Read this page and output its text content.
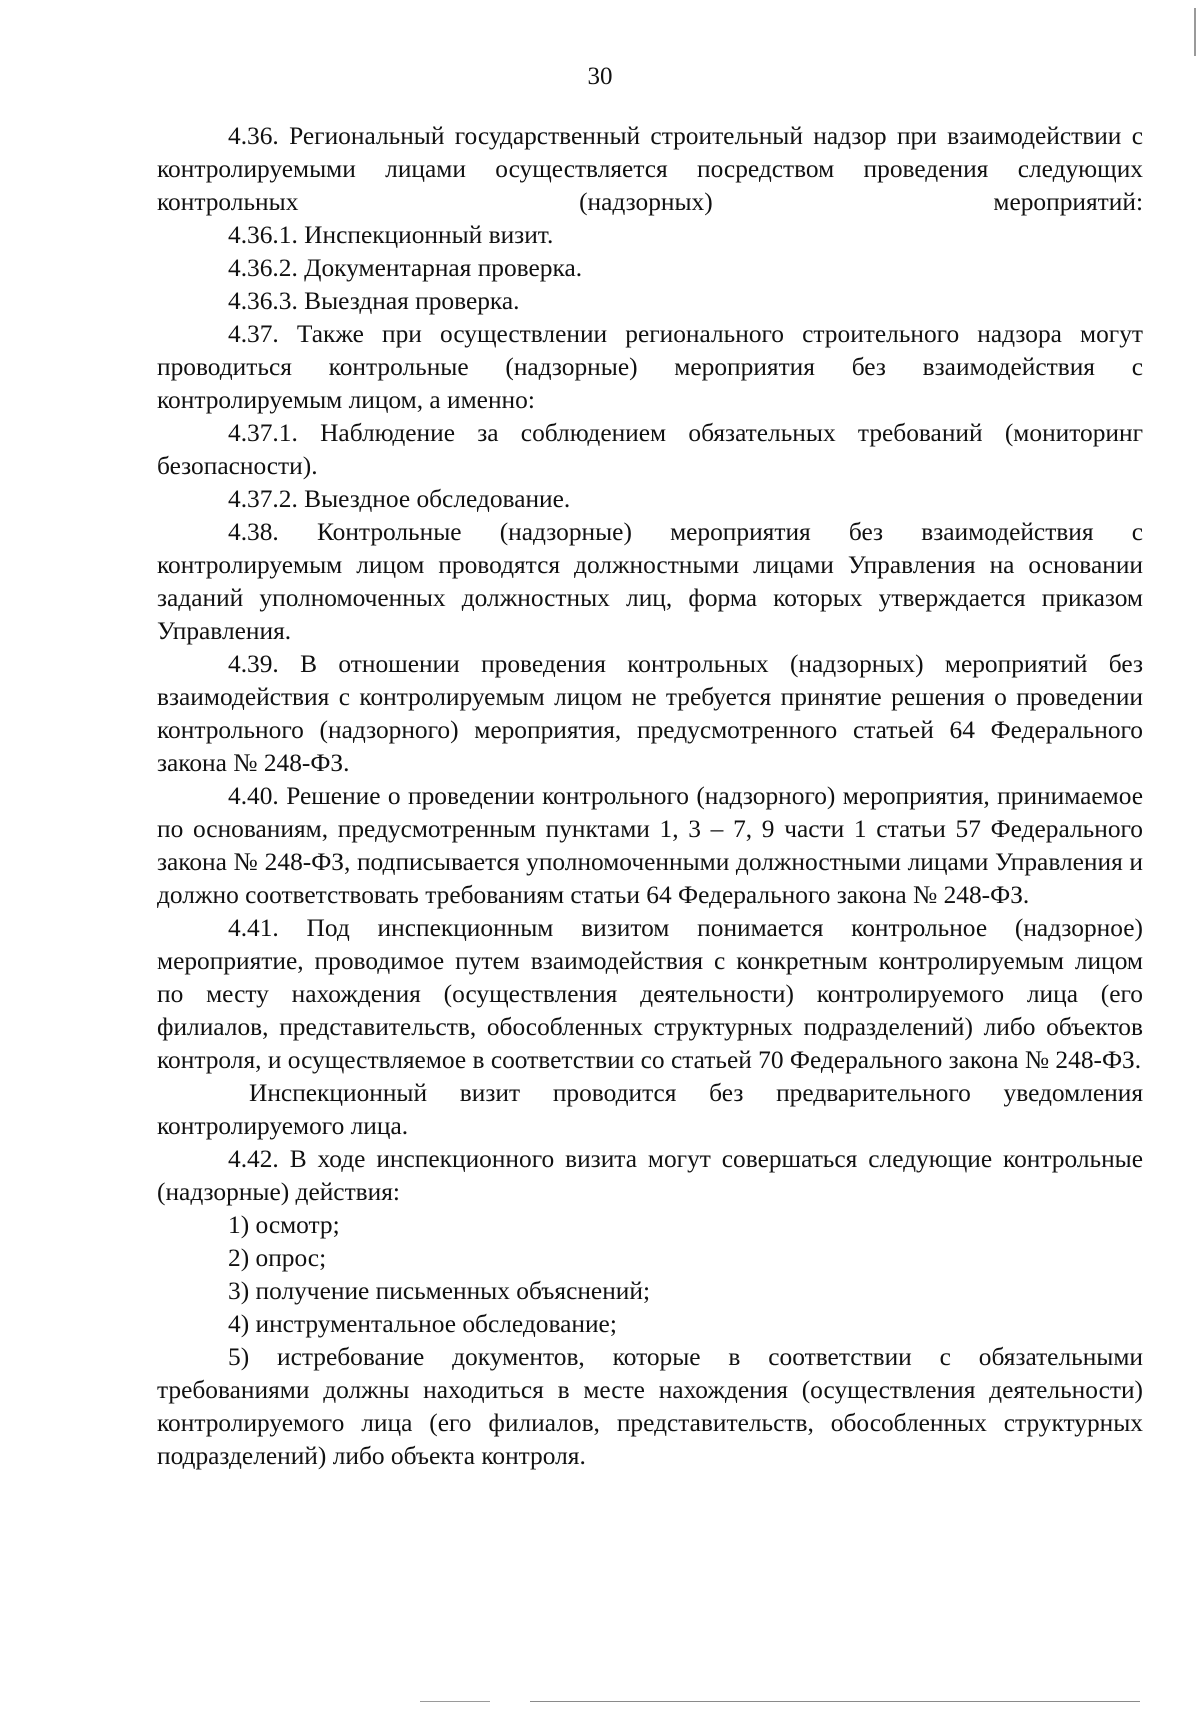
30

4.36. Региональный государственный строительный надзор при взаимодействии с контролируемыми лицами осуществляется посредством проведения следующих контрольных (надзорных) мероприятий:

4.36.1. Инспекционный визит.

4.36.2. Документарная проверка.

4.36.3. Выездная проверка.

4.37. Также при осуществлении регионального строительного надзора могут проводиться контрольные (надзорные) мероприятия без взаимодействия с контролируемым лицом, а именно:

4.37.1. Наблюдение за соблюдением обязательных требований (мониторинг безопасности).

4.37.2. Выездное обследование.

4.38. Контрольные (надзорные) мероприятия без взаимодействия с контролируемым лицом проводятся должностными лицами Управления на основании заданий уполномоченных должностных лиц, форма которых утверждается приказом Управления.

4.39. В отношении проведения контрольных (надзорных) мероприятий без взаимодействия с контролируемым лицом не требуется принятие решения о проведении контрольного (надзорного) мероприятия, предусмотренного статьей 64 Федерального закона № 248-ФЗ.

4.40. Решение о проведении контрольного (надзорного) мероприятия, принимаемое по основаниям, предусмотренным пунктами 1, 3 – 7, 9 части 1 статьи 57 Федерального закона № 248-ФЗ, подписывается уполномоченными должностными лицами Управления и должно соответствовать требованиям статьи 64 Федерального закона № 248-ФЗ.

4.41. Под инспекционным визитом понимается контрольное (надзорное) мероприятие, проводимое путем взаимодействия с конкретным контролируемым лицом по месту нахождения (осуществления деятельности) контролируемого лица (его филиалов, представительств, обособленных структурных подразделений) либо объектов контроля, и осуществляемое в соответствии со статьей 70 Федерального закона № 248-ФЗ.

Инспекционный визит проводится без предварительного уведомления контролируемого лица.

4.42. В ходе инспекционного визита могут совершаться следующие контрольные (надзорные) действия:

1) осмотр;

2) опрос;

3) получение письменных объяснений;

4) инструментальное обследование;

5) истребование документов, которые в соответствии с обязательными требованиями должны находиться в месте нахождения (осуществления деятельности) контролируемого лица (его филиалов, представительств, обособленных структурных подразделений) либо объекта контроля.
